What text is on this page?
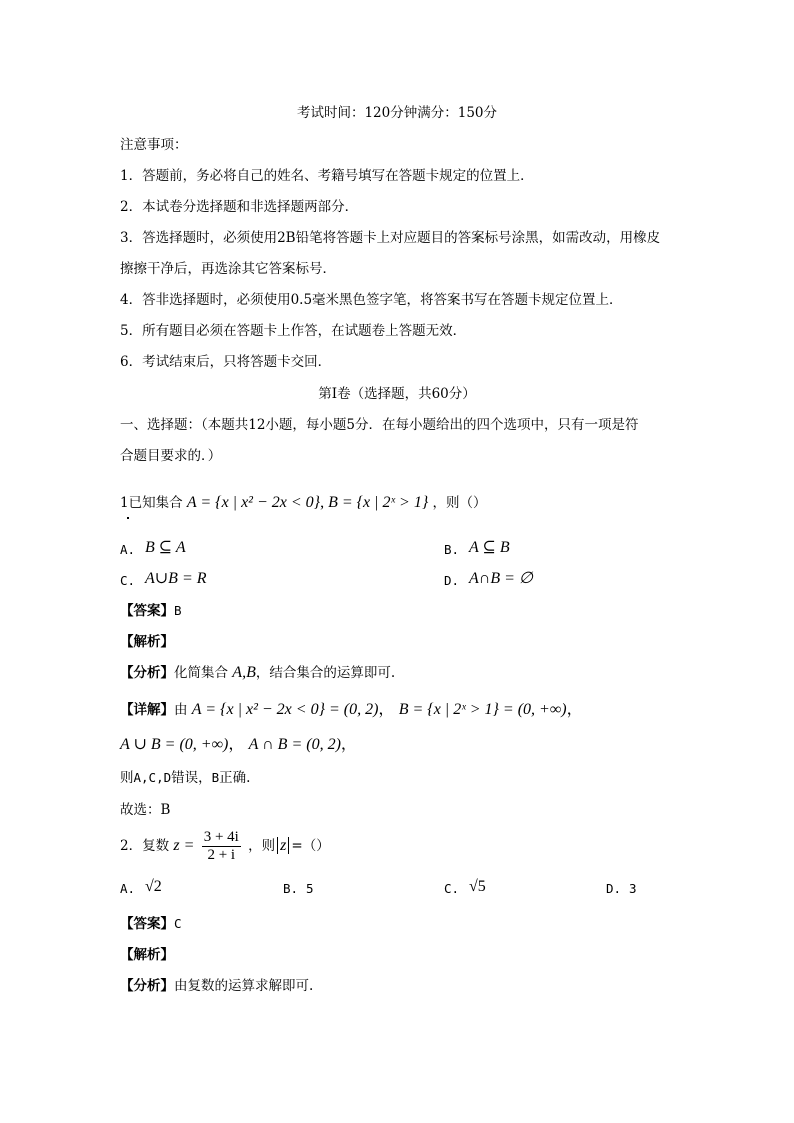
考试时间：120分钟满分：150分
注意事项：
1．答题前，务必将自己的姓名、考籍号填写在答题卡规定的位置上．
2．本试卷分选择题和非选择题两部分．
3．答选择题时，必须使用2B铅笔将答题卡上对应题目的答案标号涂黑，如需改动，用橡皮
擦擦干净后，再选涂其它答案标号．
4．答非选择题时，必须使用0.5毫米黑色签字笔，将答案书写在答题卡规定位置上．
5．所有题目必须在答题卡上作答，在试题卷上答题无效．
6．考试结束后，只将答题卡交回．
第Ⅰ卷（选择题，共60分）
一、选择题：（本题共12小题，每小题5分．在每小题给出的四个选项中，只有一项是符
合题目要求的．）
1已知集合 A = {x | x² − 2x < 0}, B = {x | 2ˣ > 1} ，则（）
A. B ⊆ A	B. A ⊆ B
C. A∪B = R	D. A∩B = ∅
【答案】B
【解析】
【分析】化简集合 A,B，结合集合的运算即可.
【详解】由 A = {x | x² − 2x < 0} = (0, 2)， B = {x | 2ˣ > 1} = (0, +∞)，
A ∪ B = (0, +∞)， A ∩ B = (0, 2)，
则A,C,D错误，B正确.
故选：B
2．复数 $z = \frac{3 + 4i}{2 + i}$ ，则 z =（）
A. √2	B. 5	C. √5	D. 3
【答案】C
【解析】
【分析】由复数的运算求解即可.
